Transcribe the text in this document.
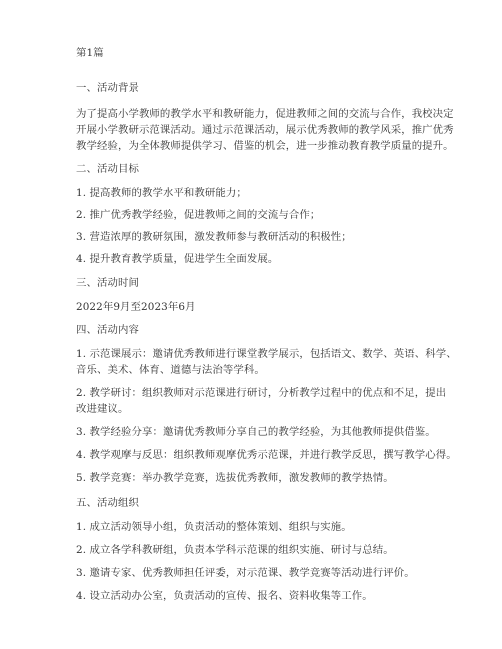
第1篇
一、活动背景
为了提高小学教师的教学水平和教研能力，促进教师之间的交流与合作，我校决定
开展小学教研示范课活动。通过示范课活动，展示优秀教师的教学风采，推广优秀
教学经验，为全体教师提供学习、借鉴的机会，进一步推动教育教学质量的提升。
二、活动目标
1. 提高教师的教学水平和教研能力；
2. 推广优秀教学经验，促进教师之间的交流与合作；
3. 营造浓厚的教研氛围，激发教师参与教研活动的积极性；
4. 提升教育教学质量，促进学生全面发展。
三、活动时间
2022年9月至2023年6月
四、活动内容
1. 示范课展示：邀请优秀教师进行课堂教学展示，包括语文、数学、英语、科学、
音乐、美术、体育、道德与法治等学科。
2. 教学研讨：组织教师对示范课进行研讨，分析教学过程中的优点和不足，提出
改进建议。
3. 教学经验分享：邀请优秀教师分享自己的教学经验，为其他教师提供借鉴。
4. 教学观摩与反思：组织教师观摩优秀示范课，并进行教学反思，撰写教学心得。
5. 教学竞赛：举办教学竞赛，选拔优秀教师，激发教师的教学热情。
五、活动组织
1. 成立活动领导小组，负责活动的整体策划、组织与实施。
2. 成立各学科教研组，负责本学科示范课的组织实施、研讨与总结。
3. 邀请专家、优秀教师担任评委，对示范课、教学竞赛等活动进行评价。
4. 设立活动办公室，负责活动的宣传、报名、资料收集等工作。
